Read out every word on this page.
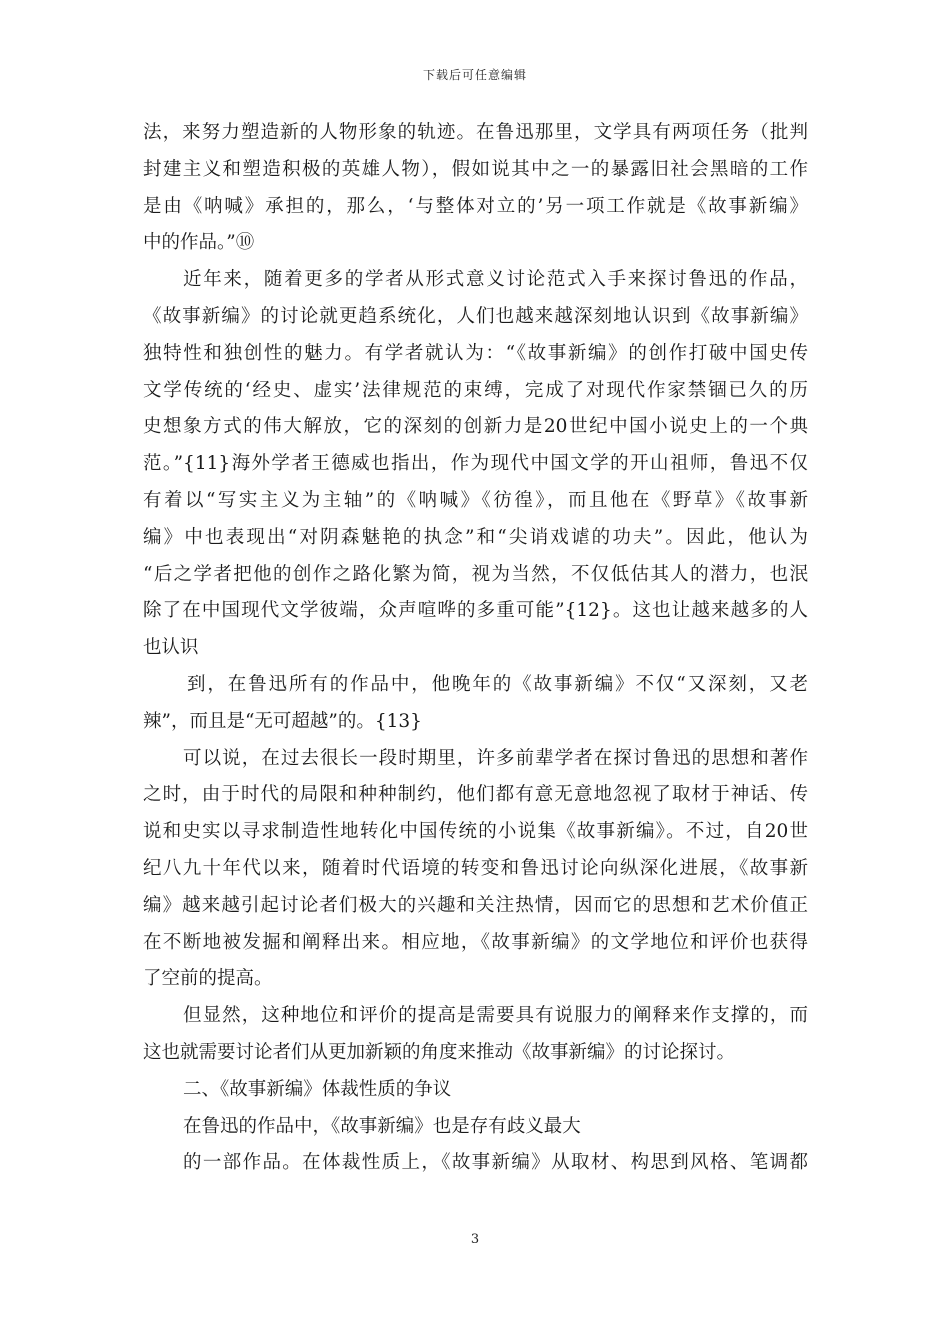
下载后可任意编辑
法，来努力塑造新的人物形象的轨迹。在鲁迅那里，文学具有两项任务（批判
封建主义和塑造积极的英雄人物），假如说其中之一的暴露旧社会黑暗的工作
是由《呐喊》承担的，那么，‘与整体对立的’另一项工作就是《故事新编》
中的作品。”⑩
近年来，随着更多的学者从形式意义讨论范式入手来探讨鲁迅的作品，
《故事新编》的讨论就更趋系统化，人们也越来越深刻地认识到《故事新编》
独特性和独创性的魅力。有学者就认为：“《故事新编》的创作打破中国史传
文学传统的‘经史、虚实’法律规范的束缚，完成了对现代作家禁锢已久的历
史想象方式的伟大解放，它的深刻的创新力是20世纪中国小说史上的一个典
范。”{11}海外学者王德威也指出，作为现代中国文学的开山祖师，鲁迅不仅
有着以“写实主义为主轴”的《呐喊》《彷徨》，而且他在《野草》《故事新
编》中也表现出“对阴森魅艳的执念”和“尖诮戏谑的功夫”。因此，他认为
“后之学者把他的创作之路化繁为简，视为当然，不仅低估其人的潜力，也泯
除了在中国现代文学彼端，众声喧哗的多重可能”{12}。这也让越来越多的人
也认识
到，在鲁迅所有的作品中，他晚年的《故事新编》不仅“又深刻，又老
辣”，而且是“无可超越”的。{13}
可以说，在过去很长一段时期里，许多前辈学者在探讨鲁迅的思想和著作
之时，由于时代的局限和种种制约，他们都有意无意地忽视了取材于神话、传
说和史实以寻求制造性地转化中国传统的小说集《故事新编》。不过，自20世
纪八九十年代以来，随着时代语境的转变和鲁迅讨论向纵深化进展，《故事新
编》越来越引起讨论者们极大的兴趣和关注热情，因而它的思想和艺术价值正
在不断地被发掘和阐释出来。相应地，《故事新编》的文学地位和评价也获得
了空前的提高。
但显然，这种地位和评价的提高是需要具有说服力的阐释来作支撑的，而
这也就需要讨论者们从更加新颖的角度来推动《故事新编》的讨论探讨。
二、《故事新编》体裁性质的争议
在鲁迅的作品中，《故事新编》也是存有歧义最大
的一部作品。在体裁性质上，《故事新编》从取材、构思到风格、笔调都
3
